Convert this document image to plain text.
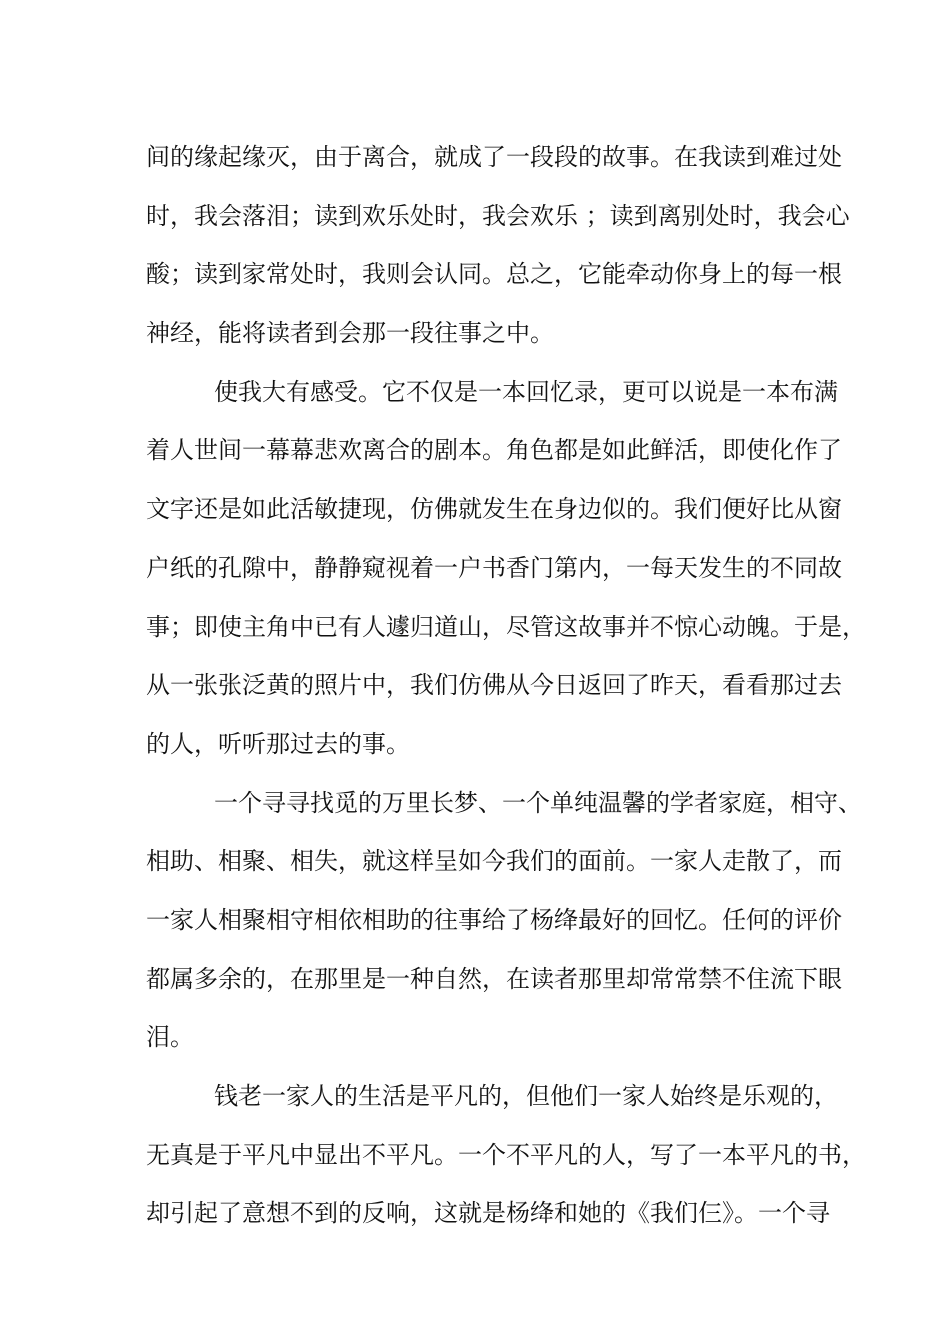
间的缘起缘灭，由于离合，就成了一段段的故事。在我读到难过处
时，我会落泪；读到欢乐处时，我会欢乐 ；读到离别处时，我会心
酸；读到家常处时，我则会认同。总之，它能牵动你身上的每一根
神经，能将读者到会那一段往事之中。
使我大有感受。它不仅是一本回忆录，更可以说是一本布满
着人世间一幕幕悲欢离合的剧本。角色都是如此鲜活，即使化作了
文字还是如此活敏捷现，仿佛就发生在身边似的。我们便好比从窗
户纸的孔隙中，静静窥视着一户书香门第内，一每天发生的不同故
事；即使主角中已有人遽归道山，尽管这故事并不惊心动魄。于是，
从一张张泛黄的照片中，我们仿佛从今日返回了昨天，看看那过去
的人，听听那过去的事。
一个寻寻找觅的万里长梦、一个单纯温馨的学者家庭，相守、
相助、相聚、相失，就这样呈如今我们的面前。一家人走散了，而
一家人相聚相守相依相助的往事给了杨绛最好的回忆。任何的评价
都属多余的，在那里是一种自然，在读者那里却常常禁不住流下眼
泪。
钱老一家人的生活是平凡的，但他们一家人始终是乐观的，
无真是于平凡中显出不平凡。一个不平凡的人，写了一本平凡的书，
却引起了意想不到的反响，这就是杨绛和她的《我们仨》。一个寻
